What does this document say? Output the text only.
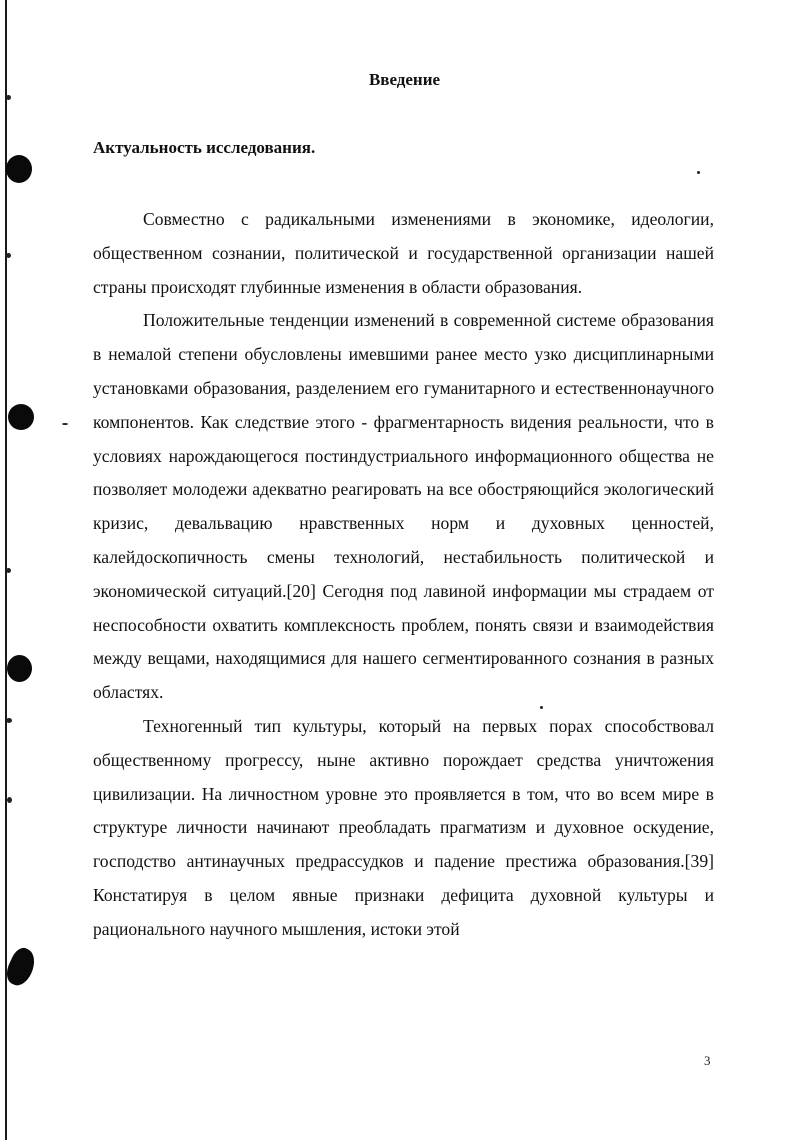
Введение
Актуальность исследования.

Совместно с радикальными изменениями в экономике, идеологии, общественном сознании, политической и государственной организации нашей страны происходят глубинные изменения в области образования.

Положительные тенденции изменений в современной системе образования в немалой степени обусловлены имевшими ранее место узко дисциплинарными установками образования, разделением его гуманитарного и естественнонаучного компонентов. Как следствие этого - фрагментарность видения реальности, что в условиях нарождающегося постиндустриального информационного общества не позволяет молодежи адекватно реагировать на все обостряющийся экологический кризис, девальвацию нравственных норм и духовных ценностей, калейдоскопичность смены технологий, нестабильность политической и экономической ситуаций.[20] Сегодня под лавиной информации мы страдаем от неспособности охватить комплексность проблем, понять связи и взаимодействия между вещами, находящимися для нашего сегментированного сознания в разных областях.

Техногенный тип культуры, который на первых порах способствовал общественному прогрессу, ныне активно порождает средства уничтожения цивилизации. На личностном уровне это проявляется в том, что во всем мире в структуре личности начинают преобладать прагматизм и духовное оскудение, господство антинаучных предрассудков и падение престижа образования.[39] Констатируя в целом явные признаки дефицита духовной культуры и рационального научного мышления, истоки этой

3
